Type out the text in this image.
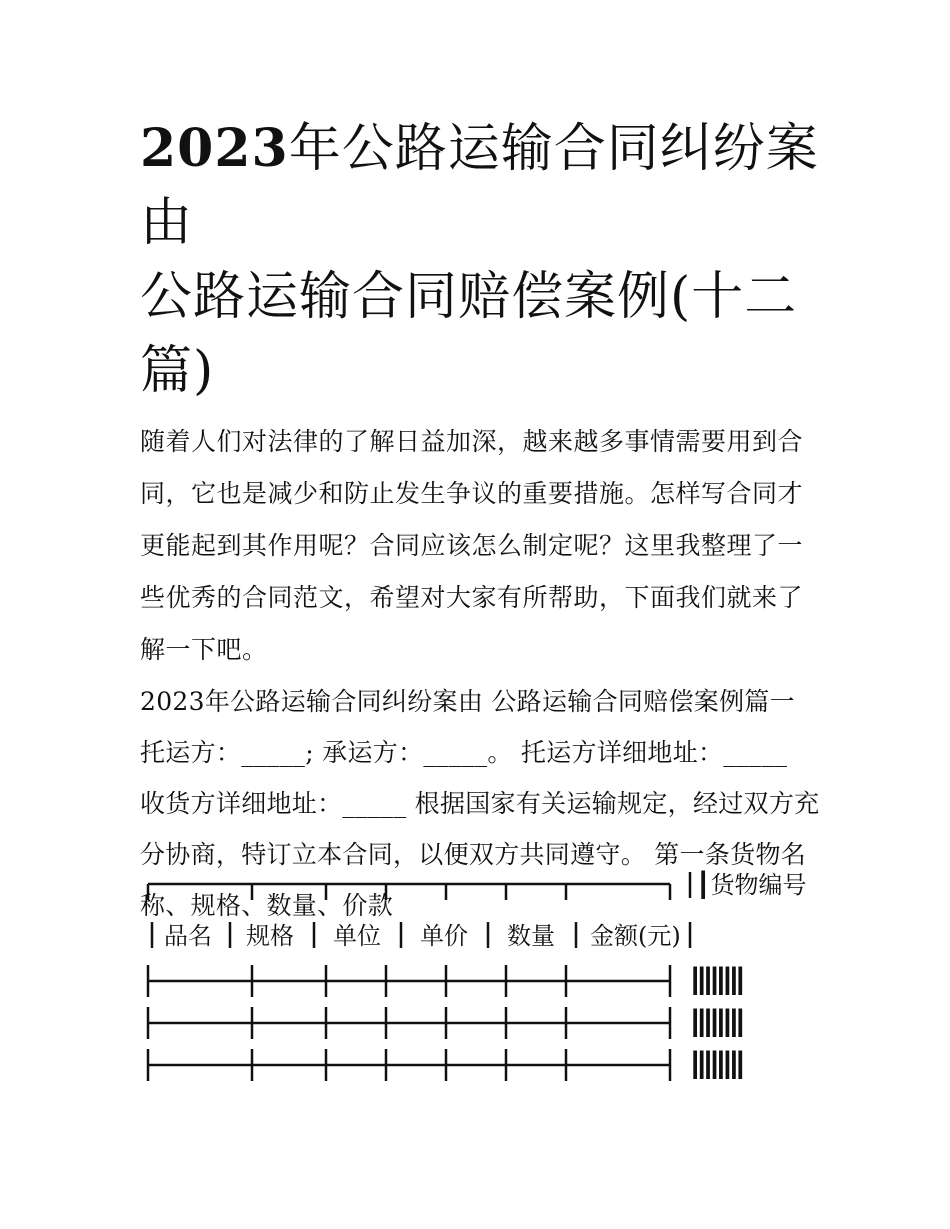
2023年公路运输合同纠纷案由
公路运输合同赔偿案例(十二
篇)

随着人们对法律的了解日益加深，越来越多事情需要用到合同，它也是减少和防止发生争议的重要措施。怎样写合同才更能起到其作用呢？合同应该怎么制定呢？这里我整理了一些优秀的合同范文，希望对大家有所帮助，下面我们就来了解一下吧。

2023年公路运输合同纠纷案由 公路运输合同赔偿案例篇一 托运方：_____; 承运方：_____。 托运方详细地址：_____ 收货方详细地址：_____ 根据国家有关运输规定，经过双方充分协商，特订立本合同，以便双方共同遵守。 第一条货物名称、规格、数量、价款

┃货物编号
品名 规格 单位 单价 数量 金额(元)
┃┃┃┃┃┃┃┃
┃┃┃┃┃┃┃┃
┃┃┃┃┃┃┃┃
